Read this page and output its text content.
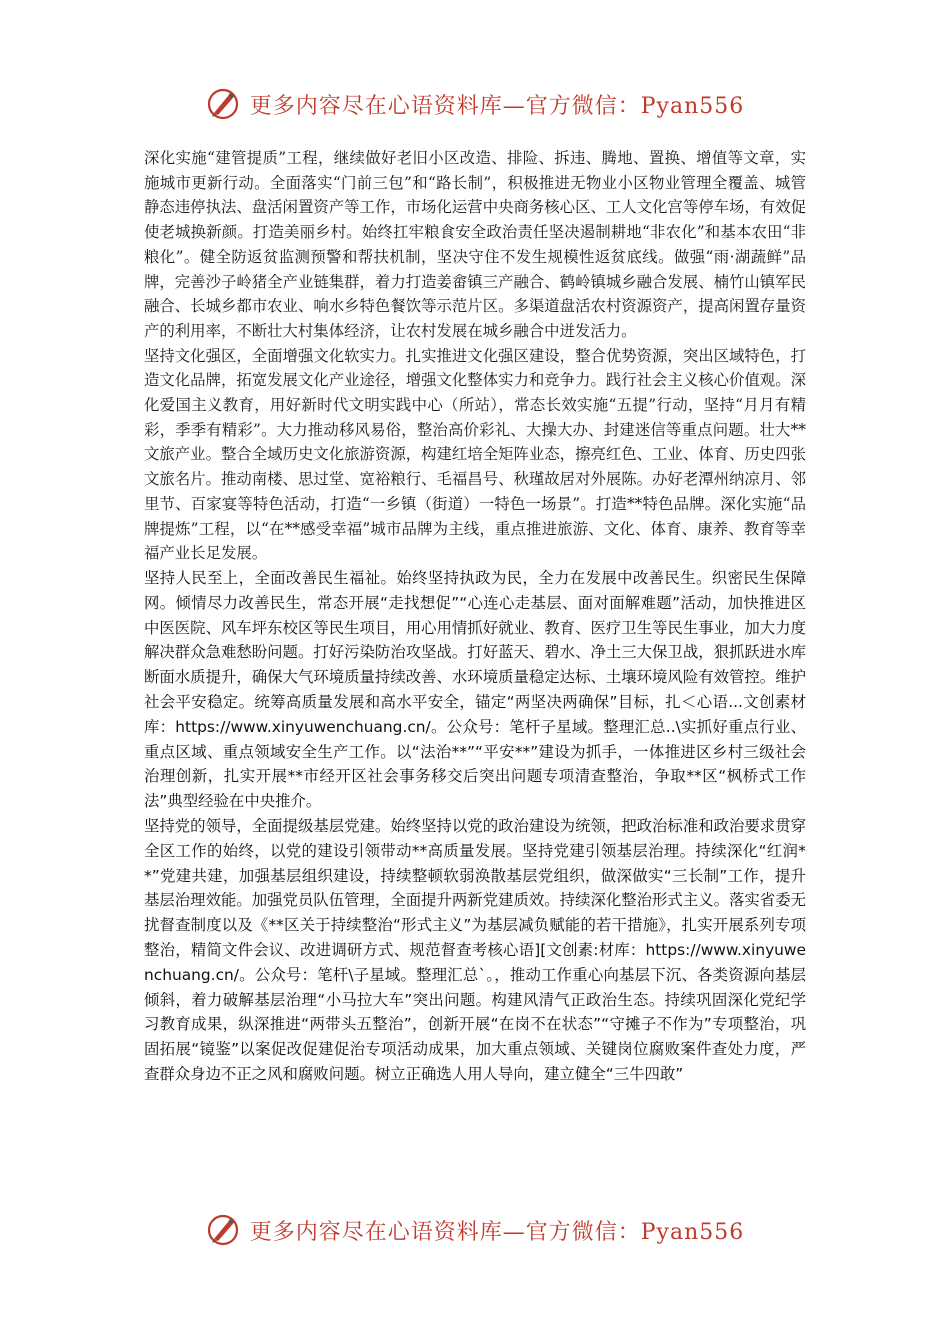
更多内容尽在心语资料库—官方微信：Pyan556

深化实施“建管提质”工程，继续做好老旧小区改造、排险、拆违、腾地、置换、增值等文章，实施城市更新行动。全面落实“门前三包”和“路长制”，积极推进无物业小区物业管理全覆盖、城管静态违停执法、盘活闲置资产等工作，市场化运营中央商务核心区、工人文化宫等停车场，有效促使老城换新颜。打造美丽乡村。始终扛牢粮食安全政治责任坚决遏制耕地“非农化”和基本农田“非粮化”。健全防返贫监测预警和帮扶机制，坚决守住不发生规模性返贫底线。做强“雨·湖蔬鲜”品牌，完善沙子岭猪全产业链集群，着力打造姜畲镇三产融合、鹤岭镇城乡融合发展、楠竹山镇军民融合、长城乡都市农业、响水乡特色餐饮等示范片区。多渠道盘活农村资源资产，提高闲置存量资产的利用率，不断壮大村集体经济，让农村发展在城乡融合中迸发活力。

坚持文化强区，全面增强文化软实力。扎实推进文化强区建设，整合优势资源，突出区域特色，打造文化品牌，拓宽发展文化产业途径，增强文化整体实力和竞争力。践行社会主义核心价值观。深化爱国主义教育，用好新时代文明实践中心（所站），常态长效实施“五提”行动，坚持“月月有精彩，季季有精彩”。大力推动移风易俗，整治高价彩礼、大操大办、封建迷信等重点问题。壮大**文旅产业。整合全域历史文化旅游资源，构建红培全矩阵业态，擦亮红色、工业、体育、历史四张文旅名片。推动南楼、思过堂、宽裕粮行、毛福昌号、秋瑾故居对外展陈。办好老潭州纳凉月、邻里节、百家宴等特色活动，打造“一乡镇（街道）一特色一场景”。打造**特色品牌。深化实施“品牌提炼”工程，以“在**感受幸福”城市品牌为主线，重点推进旅游、文化、体育、康养、教育等幸福产业长足发展。

坚持人民至上，全面改善民生福祉。始终坚持执政为民，全力在发展中改善民生。织密民生保障网。倾情尽力改善民生，常态开展“走找想促”“心连心走基层、面对面解难题”活动，加快推进区中医医院、风车坪东校区等民生项目，用心用情抓好就业、教育、医疗卫生等民生事业，加大力度解决群众急难愁盼问题。打好污染防治攻坚战。打好蓝天、碧水、净土三大保卫战，狠抓跃进水库断面水质提升，确保大气环境质量持续改善、水环境质量稳定达标、土壤环境风险有效管控。维护社会平安稳定。统筹高质量发展和高水平安全，锚定“两坚决两确保”目标，扎＜心语...文创素材库：https://www.xinyuwenchuang.cn/。公众号：笔杆子星域。整理汇总..\实抓好重点行业、重点区域、重点领域安全生产工作。以“法治**”“平安**”建设为抓手，一体推进区乡村三级社会治理创新，扎实开展**市经开区社会事务移交后突出问题专项清查整治，争取**区“枫桥式工作法”典型经验在中央推介。

坚持党的领导，全面提级基层党建。始终坚持以党的政治建设为统领，把政治标准和政治要求贯穿全区工作的始终，以党的建设引领带动**高质量发展。坚持党建引领基层治理。持续深化“红润**”党建共建，加强基层组织建设，持续整顿软弱涣散基层党组织，做深做实“三长制”工作，提升基层治理效能。加强党员队伍管理，全面提升两新党建质效。持续深化整治形式主义。落实省委无扰督查制度以及《**区关于持续整治“形式主义”为基层减负赋能的若干措施》，扎实开展系列专项整治，精简文件会议、改进调研方式、规范督查考核心语][文创素:材库：https://www.xinyuwenchuang.cn/。公众号：笔杆\子星域。整理汇总`。，推动工作重心向基层下沉、各类资源向基层倾斜，着力破解基层治理“小马拉大车”突出问题。构建风清气正政治生态。持续巩固深化党纪学习教育成果，纵深推进“两带头五整治”，创新开展“在岗不在状态”“守摊子不作为”专项整治，巩固拓展“镜鉴”以案促改促建促治专项活动成果，加大重点领域、关键岗位腐败案件查处力度，严查群众身边不正之风和腐败问题。树立正确选人用人导向，建立健全“三牛四敢”

更多内容尽在心语资料库—官方微信：Pyan556
